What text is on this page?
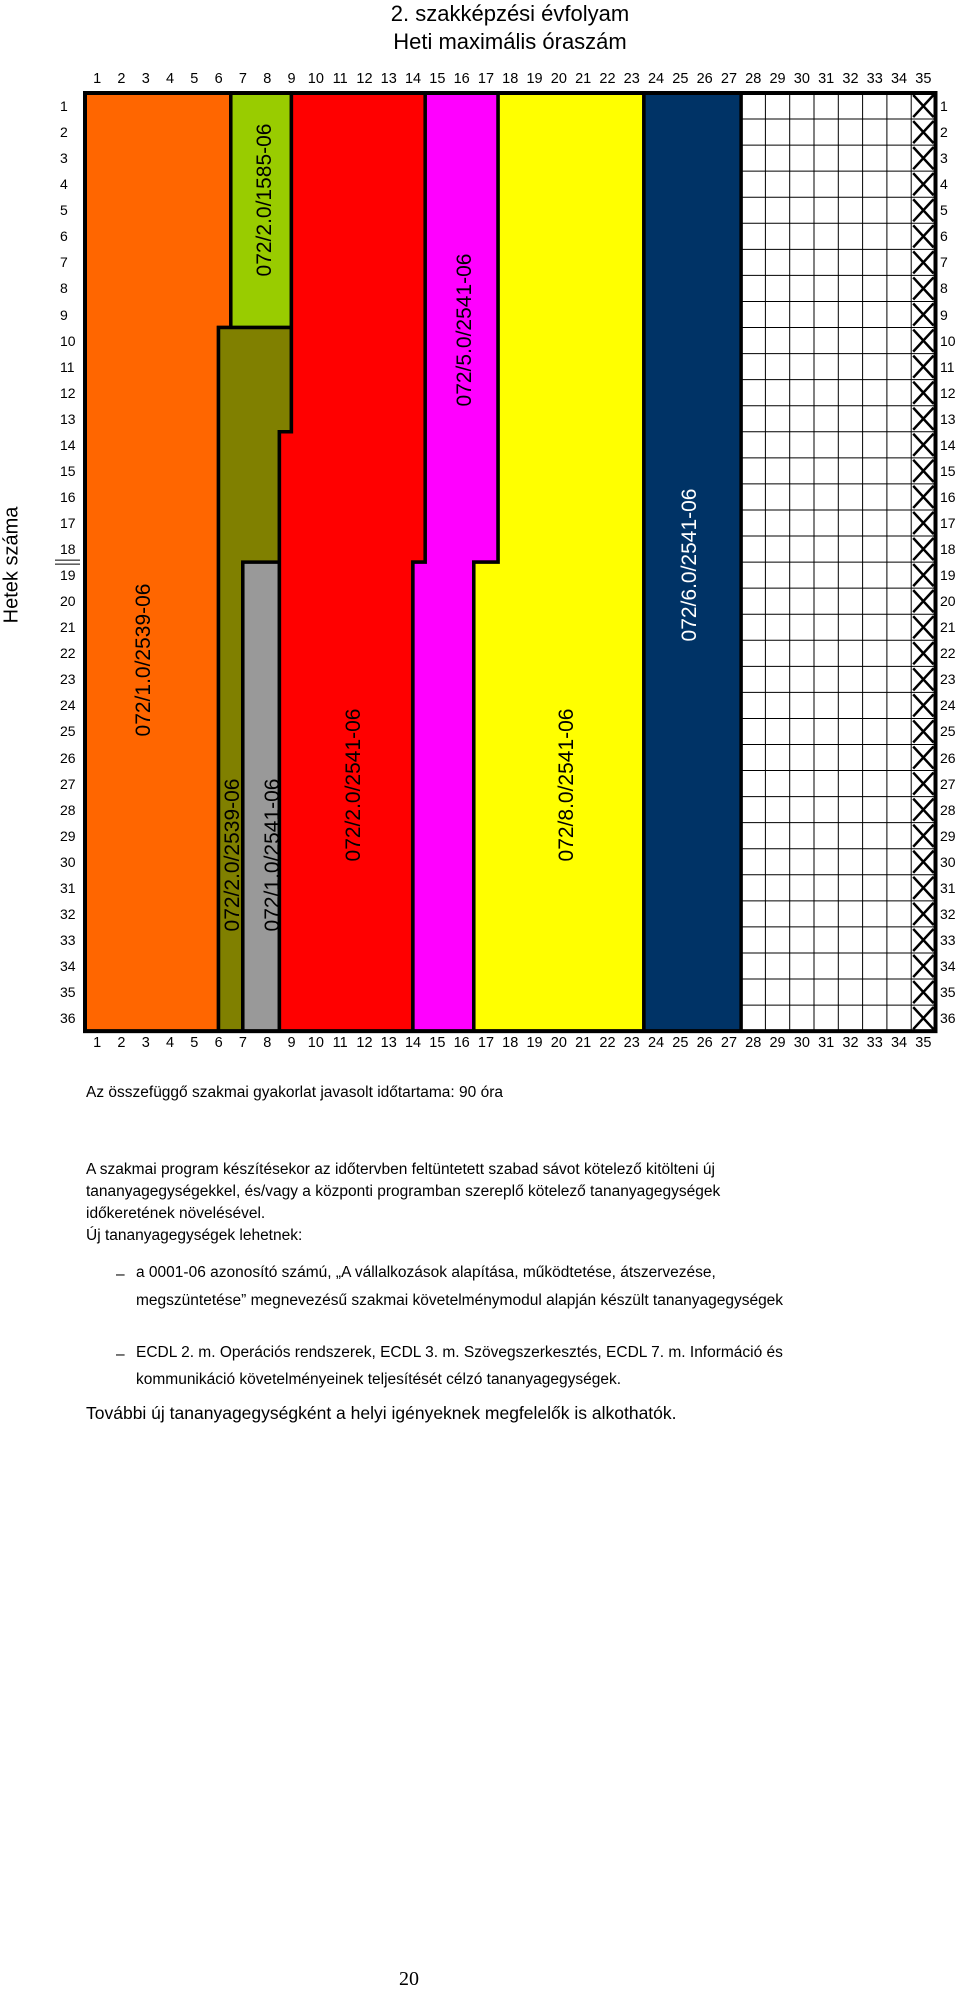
2. szakképzési évfolyam
Heti maximális óraszám
Hetek száma
1	2	3	4	5	6	7	8	9 10 11 12 13 14 15 16 17 18 19 20 21 22 23 24 25 26 27 28 29 30 31 32 33 34 35
1	2	3	4	5	6	7	8	9 10 11 12 13 14 15 16 17 18 19 20 21 22 23 24 25 26 27 28 29 30 31 32 33 34 35
1
2
3
4
5
6
7
8
9
10
11
12
13
14
15
16
17
18
19
20
21
22
23
24
25
26
27
28
29
30
31
32
33
34
35
36
1
2
3
4
5
6
7
8
9
10
11
12
13
14
15
16
17
18
19
20
21
22
23
24
25
26
27
28
29
30
31
32
33
34
35
36
072/1.0/2539-06
072/2.0/1585-06
072/2.0/2539-06 072/1.0/2541-06	072/2.0/2541-06
072/5.0/2541-06
072/8.0/2541-06
072/6.0/2541-06
Az összefüggő szakmai gyakorlat javasolt időtartama: 90 óra
A szakmai program készítésekor az időtervben feltüntetett szabad sávot kötelező kitölteni új
tananyagegységekkel, és/vagy a központi programban szereplő kötelező tananyagegységek
időkeretének növelésével.
Új tananyagegységek lehetnek:
– a 0001-06 azonosító számú, „A vállalkozások alapítása, működtetése, átszervezése,
megszüntetése” megnevezésű szakmai követelménymodul alapján készült tananyagegységek
– ECDL 2. m. Operációs rendszerek, ECDL 3. m. Szövegszerkesztés, ECDL 7. m. Információ és
kommunikáció követelményeinek teljesítését célzó tananyagegységek.
További új tananyagegységként a helyi igényeknek megfelelők is alkothatók.
20
